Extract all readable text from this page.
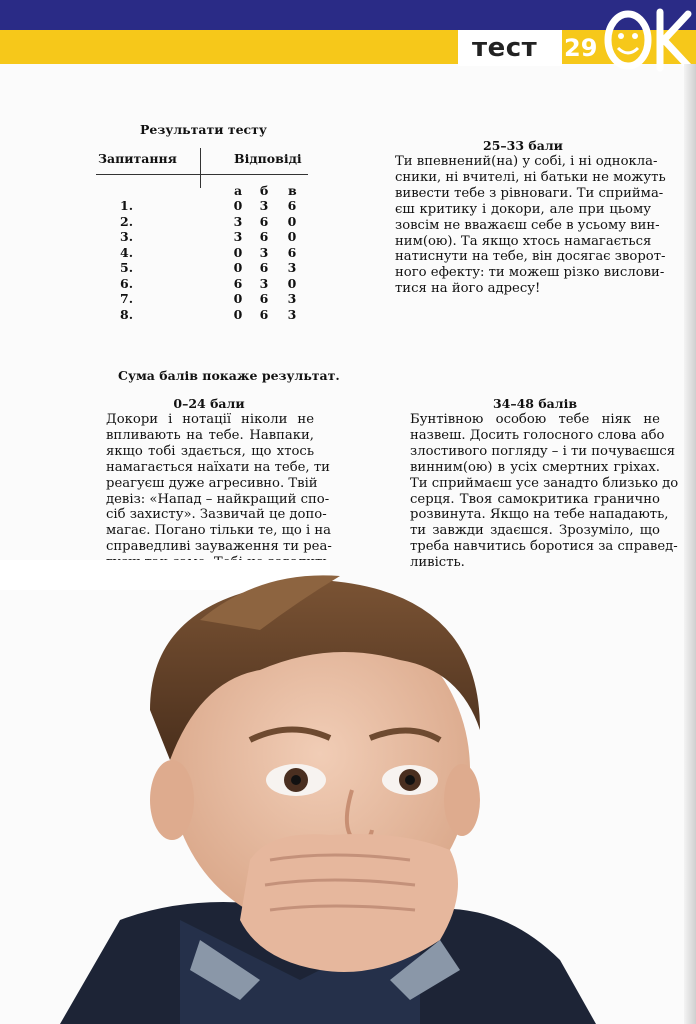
тест 29
Результати тесту
Запитання	Відповіді
а б в
1.	0 3 6
2.	3 6 0
3.	3 6 0
4.	0 3 6
5.	0 6 3
6.	6 3 0
7.	0 6 3
8.	0 6 3
25–33 бали
Ти впевнений(на) у собі, і ні однокла-
сники, ні вчителі, ні батьки не можуть
вивести тебе з рівноваги. Ти сприйма-
єш критику і докори, але при цьому
зовсім не вважаєш себе в усьому вин-
ним(ою). Та якщо хтось намагається
натиснути на тебе, він досягає зворот-
ного ефекту: ти можеш різко вислови-
тися на його адресу!
Сума балів покаже результат.
0–24 бали
Докори і нотації ніколи не
впливають на тебе. Навпаки,
якщо тобі здається, що хтось
намагається наїхати на тебе, ти
реагуєш дуже агресивно. Твій
девіз: «Напад – найкращий спо-
сіб захисту». Зазвичай це допо-
магає. Погано тільки те, що і на
справедливі зауваження ти реа-
34–48 балів
Бунтівною особою тебе ніяк не
назвеш. Досить голосного слова або
злостивого погляду – і ти почуваєшся
винним(ою) в усіх смертних гріхах.
Ти сприймаєш усе занадто близько до
серця. Твоя самокритика гранично
розвинута. Якщо на тебе нападають,
ти завжди здаєшся. Зрозуміло, що
треба навчитись боротися за справед-
ливість.
